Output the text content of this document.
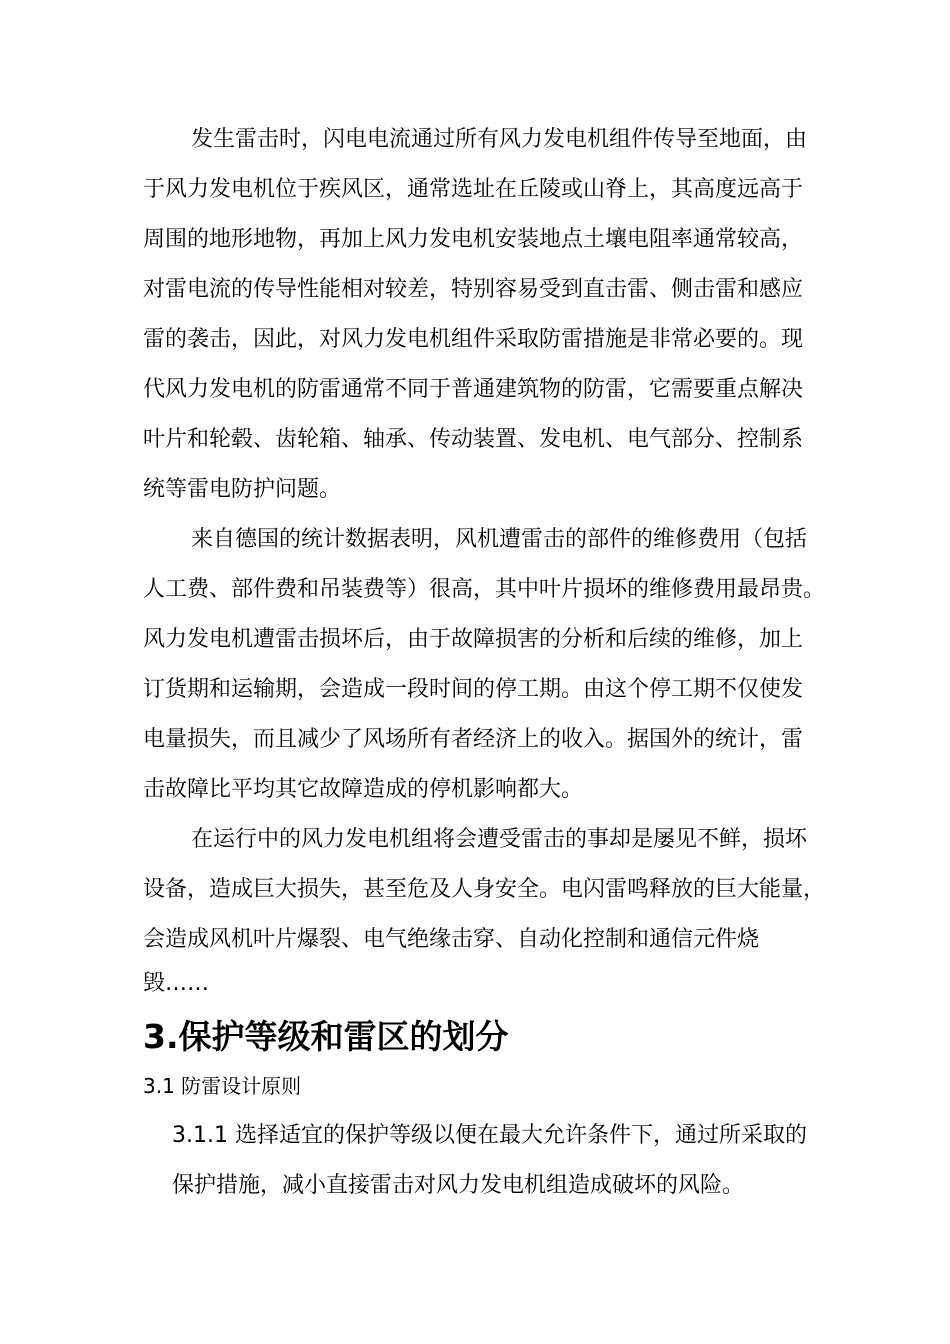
发生雷击时，闪电电流通过所有风力发电机组件传导至地面，由
于风力发电机位于疾风区，通常选址在丘陵或山脊上，其高度远高于
周围的地形地物，再加上风力发电机安装地点土壤电阻率通常较高，
对雷电流的传导性能相对较差，特别容易受到直击雷、侧击雷和感应
雷的袭击，因此，对风力发电机组件采取防雷措施是非常必要的。现
代风力发电机的防雷通常不同于普通建筑物的防雷，它需要重点解决
叶片和轮毂、齿轮箱、轴承、传动装置、发电机、电气部分、控制系
统等雷电防护问题。
来自德国的统计数据表明，风机遭雷击的部件的维修费用（包括
人工费、部件费和吊装费等）很高，其中叶片损坏的维修费用最昂贵。
风力发电机遭雷击损坏后，由于故障损害的分析和后续的维修，加上
订货期和运输期，会造成一段时间的停工期。由这个停工期不仅使发
电量损失，而且减少了风场所有者经济上的收入。据国外的统计，雷
击故障比平均其它故障造成的停机影响都大。
在运行中的风力发电机组将会遭受雷击的事却是屡见不鲜，损坏
设备，造成巨大损失，甚至危及人身安全。电闪雷鸣释放的巨大能量，
会造成风机叶片爆裂、电气绝缘击穿、自动化控制和通信元件烧
毁……
3.保护等级和雷区的划分
3.1 防雷设计原则
3.1.1 选择适宜的保护等级以便在最大允许条件下，通过所采取的
保护措施，减小直接雷击对风力发电机组造成破坏的风险。
